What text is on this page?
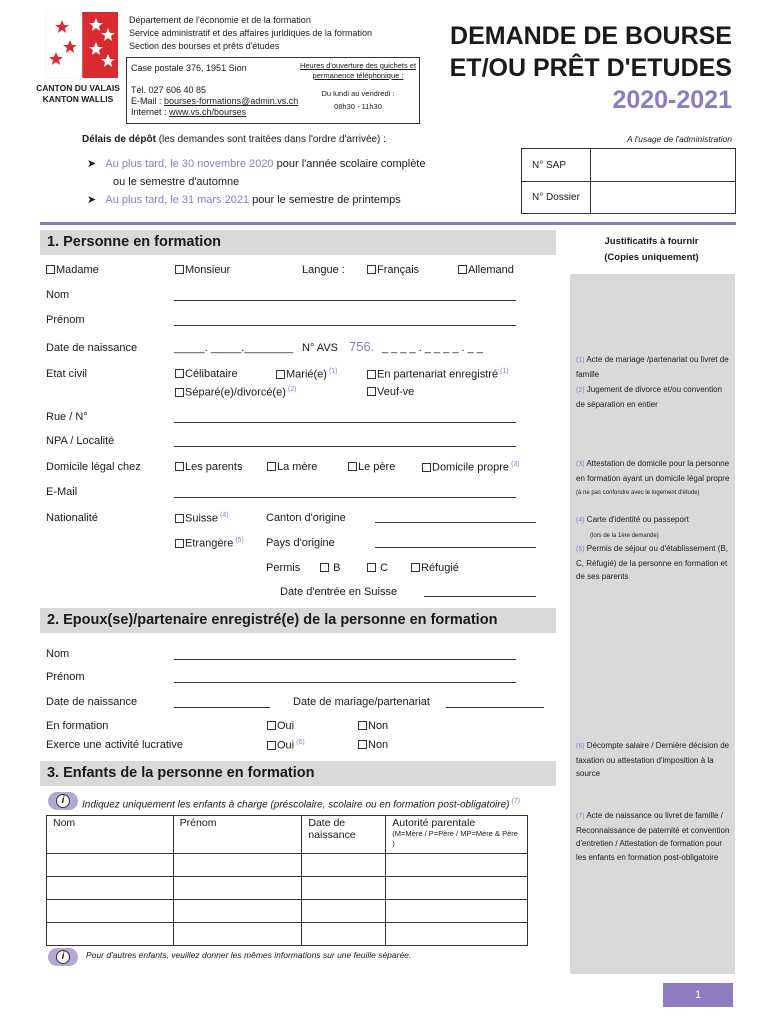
CANTON DU VALAIS
KANTON WALLIS
Département de l'économie et de la formation
Service administratif et des affaires juridiques de la formation
Section des bourses et prêts d'études
Case postale 376, 1951 Sion
Tél. 027 606 40 85
E-Mail : bourses-formations@admin.vs.ch
Internet : www.vs.ch/bourses
Heures d'ouverture des guichets et permanence téléphonique :
Du lundi au vendredi :
08h30 - 11h30
DEMANDE DE BOURSE
ET/OU PRÊT D'ETUDES
2020-2021
A l'usage de l'administration
Délais de dépôt (les demandes sont traitées dans l'ordre d'arrivée) :
➤ Au plus tard, le 30 novembre 2020 pour l'année scolaire complète
ou le semestre d'automne
➤ Au plus tard, le 31 mars 2021 pour le semestre de printemps
N° SAP
N° Dossier
Justificatifs à fournir
(Copies uniquement)
(1) Acte de mariage /partenariat ou livret de famille
(2) Jugement de divorce et/ou convention de séparation en entier
(3) Attestation de domicile pour la personne en formation ayant un domicile légal propre (à ne pas confondre avec le logement d'étude)
(4) Carte d'identité ou passeport
(lors de la 1ère demande)
(5) Permis de séjour ou d'établissement (B, C, Réfugié) de la personne en formation et de ses parents
(6) Décompte salaire / Dernière décision de taxation ou attestation d'imposition à la source
(7) Acte de naissance ou livret de famille / Reconnaissance de paternité et convention d'entretien / Attestation de formation pour les enfants en formation post-obligatoire
1. Personne en formation
Madame	Monsieur	Langue :	Français	Allemand
Nom
Prénom
Date de naissance	_____. _____.________ N° AVS 756. _ _ _ _ . _ _ _ _ . _ _
Etat civil	Célibataire	Marié(e) $^{(1)}$	En partenariat enregistré $^{(1)}$
Séparé(e)/divorcé(e) $^{(2)}$	Veuf-ve
Rue / N°
NPA / Localité
Domicile légal chez	Les parents	La mère	Le père	Domicile propre $^{(3)}$
E-Mail
Nationalité	Suisse $^{(4)}$	Canton d'origine
Etrangère $^{(5)}$ Pays d'origine
Permis	B	C	Réfugié
Date d'entrée en Suisse
2. Epoux(se)/partenaire enregistré(e) de la personne en formation
Nom
Prénom
Date de naissance	Date de mariage/partenariat
En formation	Oui	Non
Exerce une activité lucrative	Oui $^{(6)}$	Non
3. Enfants de la personne en formation
i	Indiquez uniquement les enfants à charge (préscolaire, scolaire ou en formation post-obligatoire) $^{(7)}$
Nom	Prénom	Date de naissance	Autorité parentale
(M=Mère / P=Père / MP=Mère & Père )

i	Pour d'autres enfants, veuillez donner les mêmes informations sur une feuille séparée.
1
